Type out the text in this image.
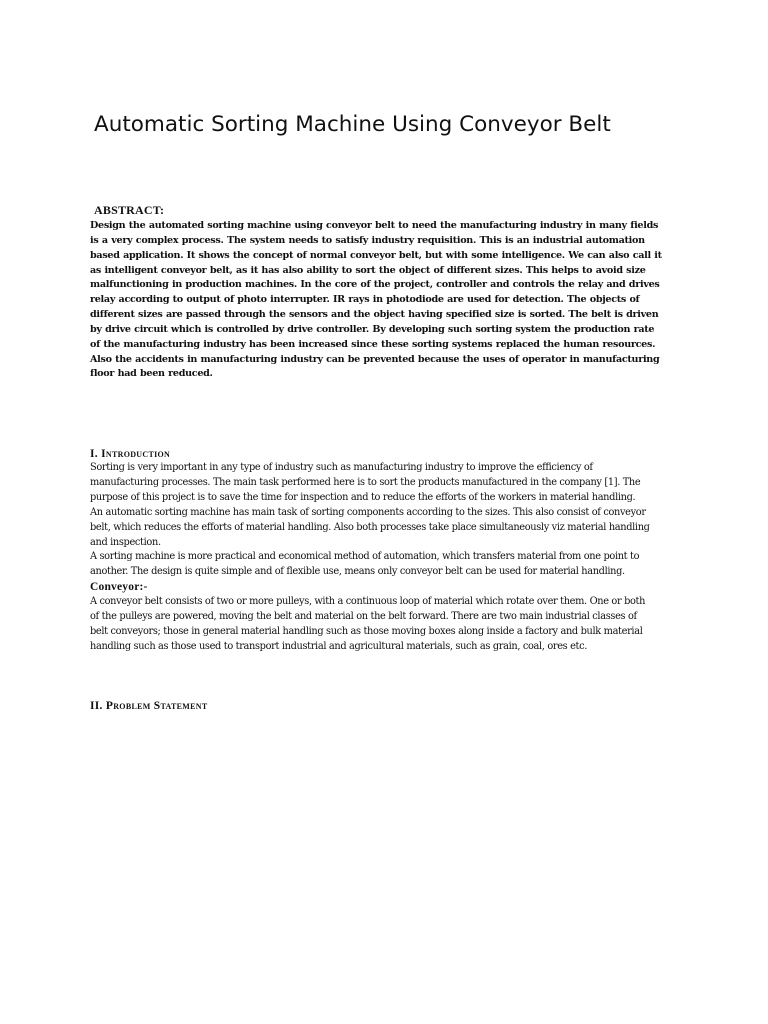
Automatic Sorting Machine Using Conveyor Belt
ABSTRACT:

Design the automated sorting machine using conveyor belt to need the manufacturing industry in many fields is a very complex process. The system needs to satisfy industry requisition. This is an industrial automation based application. It shows the concept of normal conveyor belt, but with some intelligence. We can also call it as intelligent conveyor belt, as it has also ability to sort the object of different sizes. This helps to avoid size malfunctioning in production machines. In the core of the project, controller and controls the relay and drives relay according to output of photo interrupter. IR rays in photodiode are used for detection. The objects of different sizes are passed through the sensors and the object having specified size is sorted. The belt is driven by drive circuit which is controlled by drive controller. By developing such sorting system the production rate of the manufacturing industry has been increased since these sorting systems replaced the human resources. Also the accidents in manufacturing industry can be prevented because the uses of operator in manufacturing floor had been reduced.

I. Introduction

Sorting is very important in any type of industry such as manufacturing industry to improve the efficiency of manufacturing processes. The main task performed here is to sort the products manufactured in the company [1]. The purpose of this project is to save the time for inspection and to reduce the efforts of the workers in material handling.

An automatic sorting machine has main task of sorting components according to the sizes. This also consist of conveyor belt, which reduces the efforts of material handling. Also both processes take place simultaneously viz material handling and inspection.

A sorting machine is more practical and economical method of automation, which transfers material from one point to another. The design is quite simple and of flexible use, means only conveyor belt can be used for material handling.

Conveyor:-

A conveyor belt consists of two or more pulleys, with a continuous loop of material which rotate over them. One or both of the pulleys are powered, moving the belt and material on the belt forward. There are two main industrial classes of belt conveyors; those in general material handling such as those moving boxes along inside a factory and bulk material handling such as those used to transport industrial and agricultural materials, such as grain, coal, ores etc.

II. Problem Statement
